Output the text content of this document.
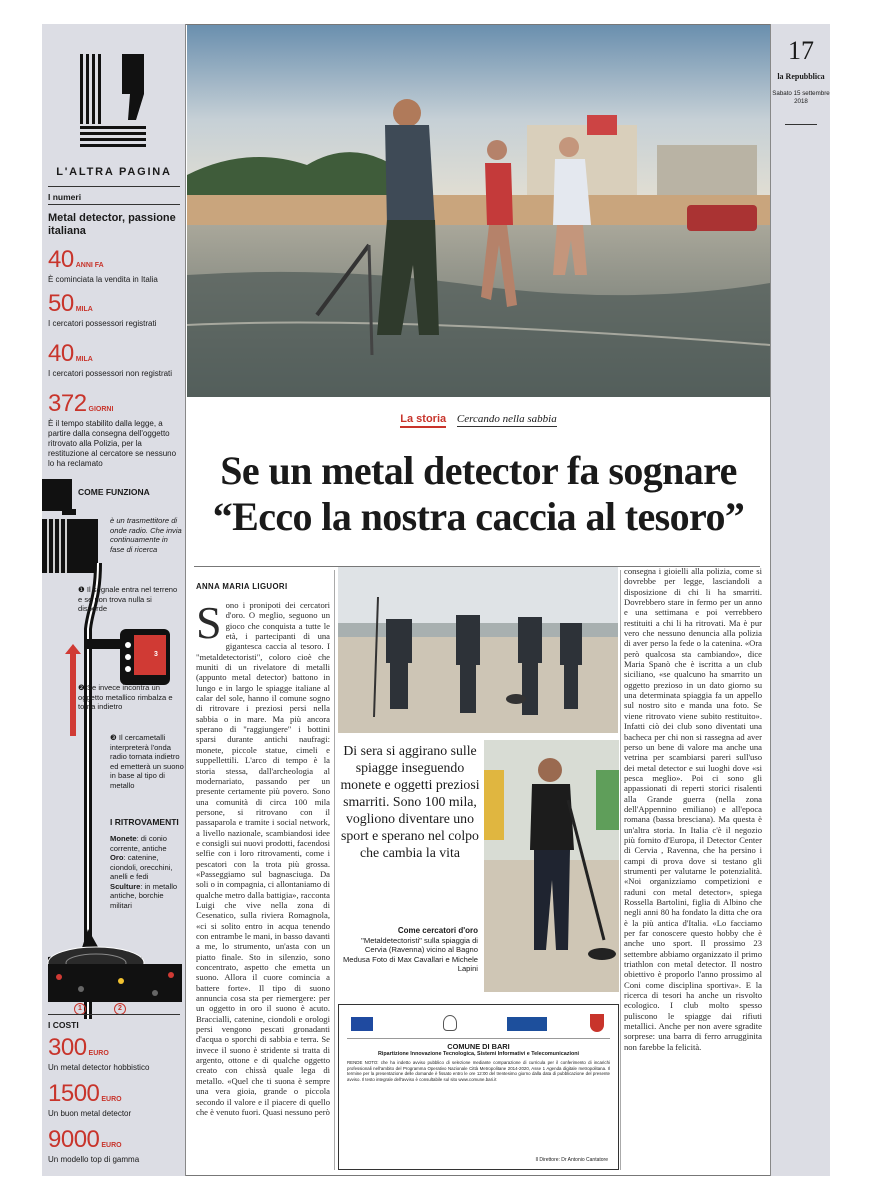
L'ALTRA PAGINA
I numeri
Metal detector, passione italiana
40 ANNI FA
È cominciata la vendita in Italia
50 MILA
I cercatori possessori registrati
40 MILA
I cercatori possessori non registrati
372 GIORNI
È il tempo stabilito dalla legge, a partire dalla consegna dell'oggetto ritrovato alla Polizia, per la restituzione al cercatore se nessuno lo ha reclamato
COME FUNZIONA
è un trasmettitore di onde radio. Che invia continuamente in fase di ricerca
❶ Il segnale entra nel terreno e se non trova nulla si disperde
❷ Se invece incontra un oggetto metallico rimbalza e torna indietro
❸ Il cercametalli interpreterà l'onda radio tornata indietro ed emetterà un suono in base al tipo di metallo
I RITROVAMENTI
Monete: di conio corrente, antiche
Oro: catenine, ciondoli, orecchini, anelli e fedi
Sculture: in metallo antiche, borchie militari
1	2
3
I COSTI
300 EURO
Un metal detector hobbistico
1500 EURO
Un buon metal detector
9000 EURO
Un modello top di gamma
17
la Repubblica
Sabato 15 settembre 2018
La storia Cercando nella sabbia
Se un metal detector fa sognare
“Ecco la nostra caccia al tesoro”
ANNA MARIA LIGUORI
Sono i pronipoti dei cercatori d'oro. O meglio, seguono un gioco che conquista a tutte le età, i partecipanti di una gigantesca caccia al tesoro. I "metaldetectoristi", coloro cioè che muniti di un rivelatore di metalli (appunto metal detector) battono in lungo e in largo le spiagge italiane al calar del sole, hanno il comune sogno di ritrovare i preziosi persi nella sabbia o in mare. Ma più ancora sperano di "raggiungere" i bottini sparsi durante antichi naufragi: monete, piccole statue, cimeli e suppellettili. L'arco di tempo è la storia stessa, dall'archeologia al modernariato, passando per un presente certamente più povero. Sono una comunità di circa 100 mila persone, si ritrovano con il passaparola e tramite i social network, a livello nazionale, scambiandosi idee e consigli sui nuovi prodotti, facendosi selfie con i loro ritrovamenti, come i pescatori con la trota più grossa. «Passeggiamo sul bagnasciuga. Da soli o in compagnia, ci allontaniamo di qualche metro dalla battigia», racconta Luigi che vive nella zona di Cesenatico, sulla riviera Romagnola, «ci si solito entro in acqua tenendo con entrambe le mani, in basso davanti a me, lo strumento, un'asta con un piatto finale. Sto in silenzio, sono concentrato, aspetto che emetta un suono. Allora il cuore comincia a battere forte». Il tipo di suono annuncia cosa sta per riemergere: per un oggetto in oro il suono è acuto. Braccialli, catenine, ciondoli e orologi persi vengono pescati gronadanti d'acqua o sporchi di sabbia e terra. Se invece il suono è stridente si tratta di argento, ottone e di qualche oggetto creato con chissà quale lega di metallo. «Quel che ti suona è sempre una vera gioia, grande o piccola secondo il valore e il piacere di quello che è venuto fuori. Quasi nessuno però
Di sera si aggirano sulle spiagge inseguendo monete e oggetti preziosi smarriti. Sono 100 mila, vogliono diventare uno sport e sperano nel colpo che cambia la vita
Come cercatori d'oro
"Metaldetectoristi" sulla spiaggia di Cervia (Ravenna) vicino al Bagno Medusa Foto di Max Cavallari e Michele Lapini
consegna i gioielli alla polizia, come si dovrebbe per legge, lasciandoli a disposizione di chi li ha smarriti. Dovrebbero stare in fermo per un anno e una settimana e poi verrebbero restituiti a chi li ha ritrovati. Ma è pur vero che nessuno denuncia alla polizia di aver perso la fede o la catenina. «Ora però qualcosa sta cambiando», dice Maria Spanò che è iscritta a un club siciliano, «se qualcuno ha smarrito un oggetto prezioso in un dato giorno su una determinata spiaggia fa un appello sul nostro sito e manda una foto. Se viene ritrovato viene subito restituito». Infatti ciò dei club sono diventati una bacheca per chi non si rassegna ad aver perso un bene di valore ma anche una vetrina per scambiarsi pareri sull'uso dei metal detector e sui luoghi dove «si pesca meglio». Poi ci sono gli appassionati di reperti storici risalenti alla Grande guerra (nella zona dell'Appennino emiliano) e all'epoca romana (bassa bresciana). Ma questa è un'altra storia. In Italia c'è il negozio più fornito d'Europa, il Detector Center di Cervia , Ravenna, che ha persino i campi di prova dove si testano gli strumenti per valutarne le potenzialità. «Noi organizziamo competizioni e raduni con metal detector», spiega Rossella Bartolini, figlia di Albino che negli anni 80 ha fondato la ditta che ora è la più antica d'Italia. «Lo facciamo per far conoscere questo hobby che è anche uno sport. Il prossimo 23 settembre abbiamo organizzato il primo triathlon con metal detector. Il nostro obiettivo è proporlo l'anno prossimo al Coni come disciplina sportiva». E la ricerca di tesori ha anche un risvolto ecologico. I club molto spesso puliscono le spiagge dai rifiuti metallici. Anche per non avere sgradite sorprese: una barra di ferro arrugginita non farebbe la felicità.
COMUNE DI BARI
Ripartizione Innovazione Tecnologica, Sistemi Informativi e Telecomunicazioni
RENDE NOTO: che ha indetto avviso pubblico di selezione mediante comparazione di curricula per il conferimento di incarichi professionali nell'ambito del Programma Operativo Nazionale Città Metropolitane 2014-2020, Asse 1 Agenda digitale metropolitana. Il termine per la presentazione delle domande è fissato entro le ore 12:00 del trentesimo giorno dalla data di pubblicazione del presente avviso. Il testo integrale dell'avviso è consultabile sul sito www.comune.bari.it
Il Direttore: Dr Antonio Cantatore
